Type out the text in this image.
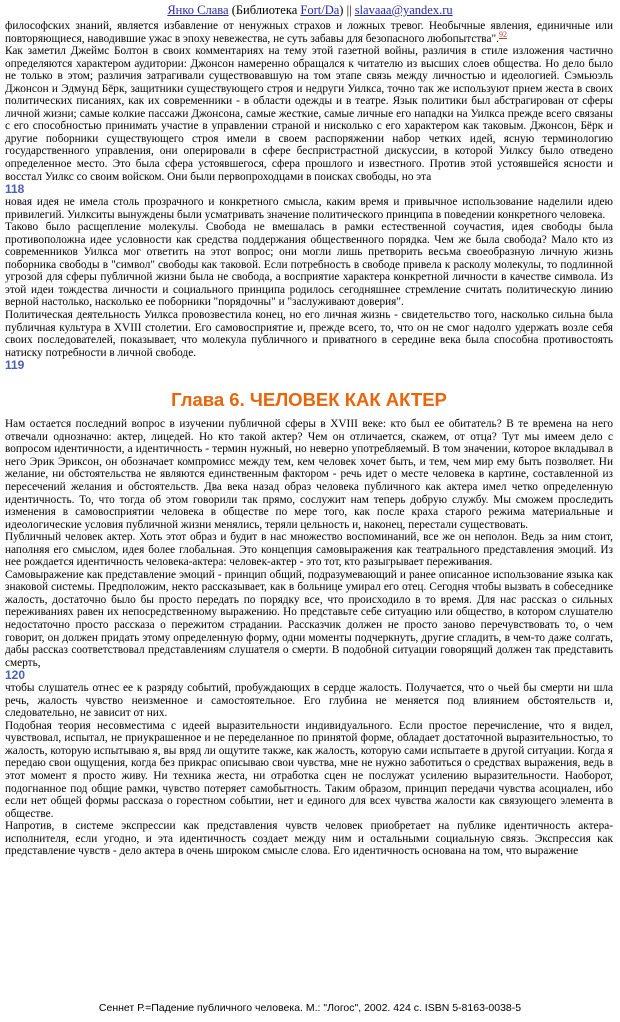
Янко Слава (Библиотека Fort/Da) || slavaaa@yandex.ru

философских знаний, является избавление от ненужных страхов и ложных тревог. Необычные явления, единичные или повторяющиеся, наводившие ужас в эпоху невежества, не суть забавы для безопасного любопытства".$^{92}$

Как заметил Джеймс Болтон в своих комментариях на тему этой газетной войны, различия в стиле изложения частично определяются характером аудитории: Джонсон намеренно обращался к читателю из высших слоев общества. Но дело было не только в этом; различия затрагивали существовавшую на том этапе связь между личностью и идеологией. Сэмьюэль Джонсон и Эдмунд Бёрк, защитники существующего строя и недруги Уилкса, точно так же используют прием жеста в своих политических писаниях, как их современники - в области одежды и в театре. Язык политики был абстрагирован от сферы личной жизни; самые колкие пассажи Джонсона, самые жесткие, самые личные его нападки на Уилкса прежде всего связаны с его способностью принимать участие в управлении страной и нисколько с его характером как таковым. Джонсон, Бёрк и другие поборники существующего строя имели в своем распоряжении набор четких идей, ясную терминологию государственного управления, они оперировали в сфере беспристрастной дискуссии, в которой Уилксу было отведено определенное место. Это была сфера устоявшегося, сфера прошлого и известного. Против этой устоявшейся ясности и восстал Уилкс со своим войском. Они были первопроходцами в поисках свободы, но эта

118

новая идея не имела столь прозрачного и конкретного смысла, каким время и привычное использование наделили идею привилегий. Уилкситы вынуждены были усматривать значение политического принципа в поведении конкретного человека.

Таково было расщепление молекулы. Свобода не вмешалась в рамки естественной соучастия, идея свободы была противоположна идее условности как средства поддержания общественного порядка. Чем же была свобода? Мало кто из современников Уилкса мог ответить на этот вопрос; они могли лишь претворить весьма своеобразную личную жизнь поборника свободы в "символ" свободы как таковой. Если потребность в свободе привела к расколу молекулы, то подлинной угрозой для сферы публичной жизни была не свобода, а восприятие характера конкретной личности в качестве символа. Из этой идеи тождества личности и социального принципа родилось сегодняшнее стремление считать политическую линию верной настолько, насколько ее поборники "порядочны" и "заслуживают доверия".

Политическая деятельность Уилкса провозвестила конец, но его личная жизнь - свидетельство того, насколько сильна была публичная культура в XVIII столетии. Его самовосприятие и, прежде всего, то, что он не смог надолго удержать возле себя своих последователей, показывает, что молекула публичного и приватного в середине века была способна противостоять натиску потребности в личной свободе.

119
Глава 6. ЧЕЛОВЕК КАК АКТЕР

Нам остается последний вопрос в изучении публичной сферы в XVIII веке: кто был ее обитатель? В те времена на него отвечали однозначно: актер, лицедей. Но кто такой актер? Чем он отличается, скажем, от отца? Тут мы имеем дело с вопросом идентичности, а идентичность - термин нужный, но неверно употребляемый. В том значении, которое вкладывал в него Эрик Эриксон, он обозначает компромисс между тем, кем человек хочет быть, и тем, чем мир ему быть позволяет. Ни желание, ни обстоятельства не являются единственным фактором - речь идет о месте человека в картине, составленной из пересечений желания и обстоятельств. Два века назад образ человека публичного как актера имел четко определенную идентичность. То, что тогда об этом говорили так прямо, сослужит нам теперь добрую службу. Мы сможем проследить изменения в самовосприятии человека в обществе по мере того, как после краха старого режима материальные и идеологические условия публичной жизни менялись, теряли цельность и, наконец, перестали существовать.

Публичный человек актер. Хоть этот образ и будит в нас множество воспоминаний, все же он неполон. Ведь за ним стоит, наполняя его смыслом, идея более глобальная. Это концепция самовыражения как театрального представления эмоций. Из нее рождается идентичность человека-актера: человек-актер - это тот, кто разыгрывает переживания.

Самовыражение как представление эмоций - принцип общий, подразумевающий и ранее описанное использование языка как знаковой системы. Предположим, некто рассказывает, как в больнице умирал его отец. Сегодня чтобы вызвать в собеседнике жалость, достаточно было бы просто передать по порядку все, что происходило в то время. Для нас рассказ о сильных переживаниях равен их непосредственному выражению. Но представьте себе ситуацию или общество, в котором слушателю недостаточно просто рассказа о пережитом страдании. Рассказчик должен не просто заново перечувствовать то, о чем говорит, он должен придать этому определенную форму, одни моменты подчеркнуть, другие сгладить, в чем-то даже солгать, дабы рассказ соответствовал представлениям слушателя о смерти. В подобной ситуации говорящий должен так представить смерть,

120

чтобы слушатель отнес ее к разряду событий, пробуждающих в сердце жалость. Получается, что о чьей бы смерти ни шла речь, жалость чувство неизменное и самостоятельное. Его глубина не меняется под влиянием обстоятельств и, следовательно, не зависит от них.

Подобная теория несовместима с идеей выразительности индивидуального. Если простое перечисление, что я видел, чувствовал, испытал, не приукрашенное и не переделанное по принятой форме, обладает достаточной выразительностью, то жалость, которую испытываю я, вы вряд ли ощутите также, как жалость, которую сами испытаете в другой ситуации. Когда я передаю свои ощущения, когда без прикрас описываю свои чувства, мне не нужно заботиться о средствах выражения, ведь в этот момент я просто живу. Ни техника жеста, ни отработка сцен не послужат усилению выразительности. Наоборот, подогнанное под общие рамки, чувство потеряет самобытность. Таким образом, принцип передачи чувства асоциален, ибо если нет общей формы рассказа о горестном событии, нет и единого для всех чувства жалости как связующего элемента в обществе.

Напротив, в системе экспрессии как представления чувств человек приобретает на публике идентичность актера-исполнителя, если угодно, и эта идентичность создает между ним и остальными социальную связь. Экспрессия как представление чувств - дело актера в очень широком смысле слова. Его идентичность основана на том, что выражение

Сеннет Р.=Падение публичного человека. М.: "Логос", 2002. 424 с. ISBN 5-8163-0038-5
